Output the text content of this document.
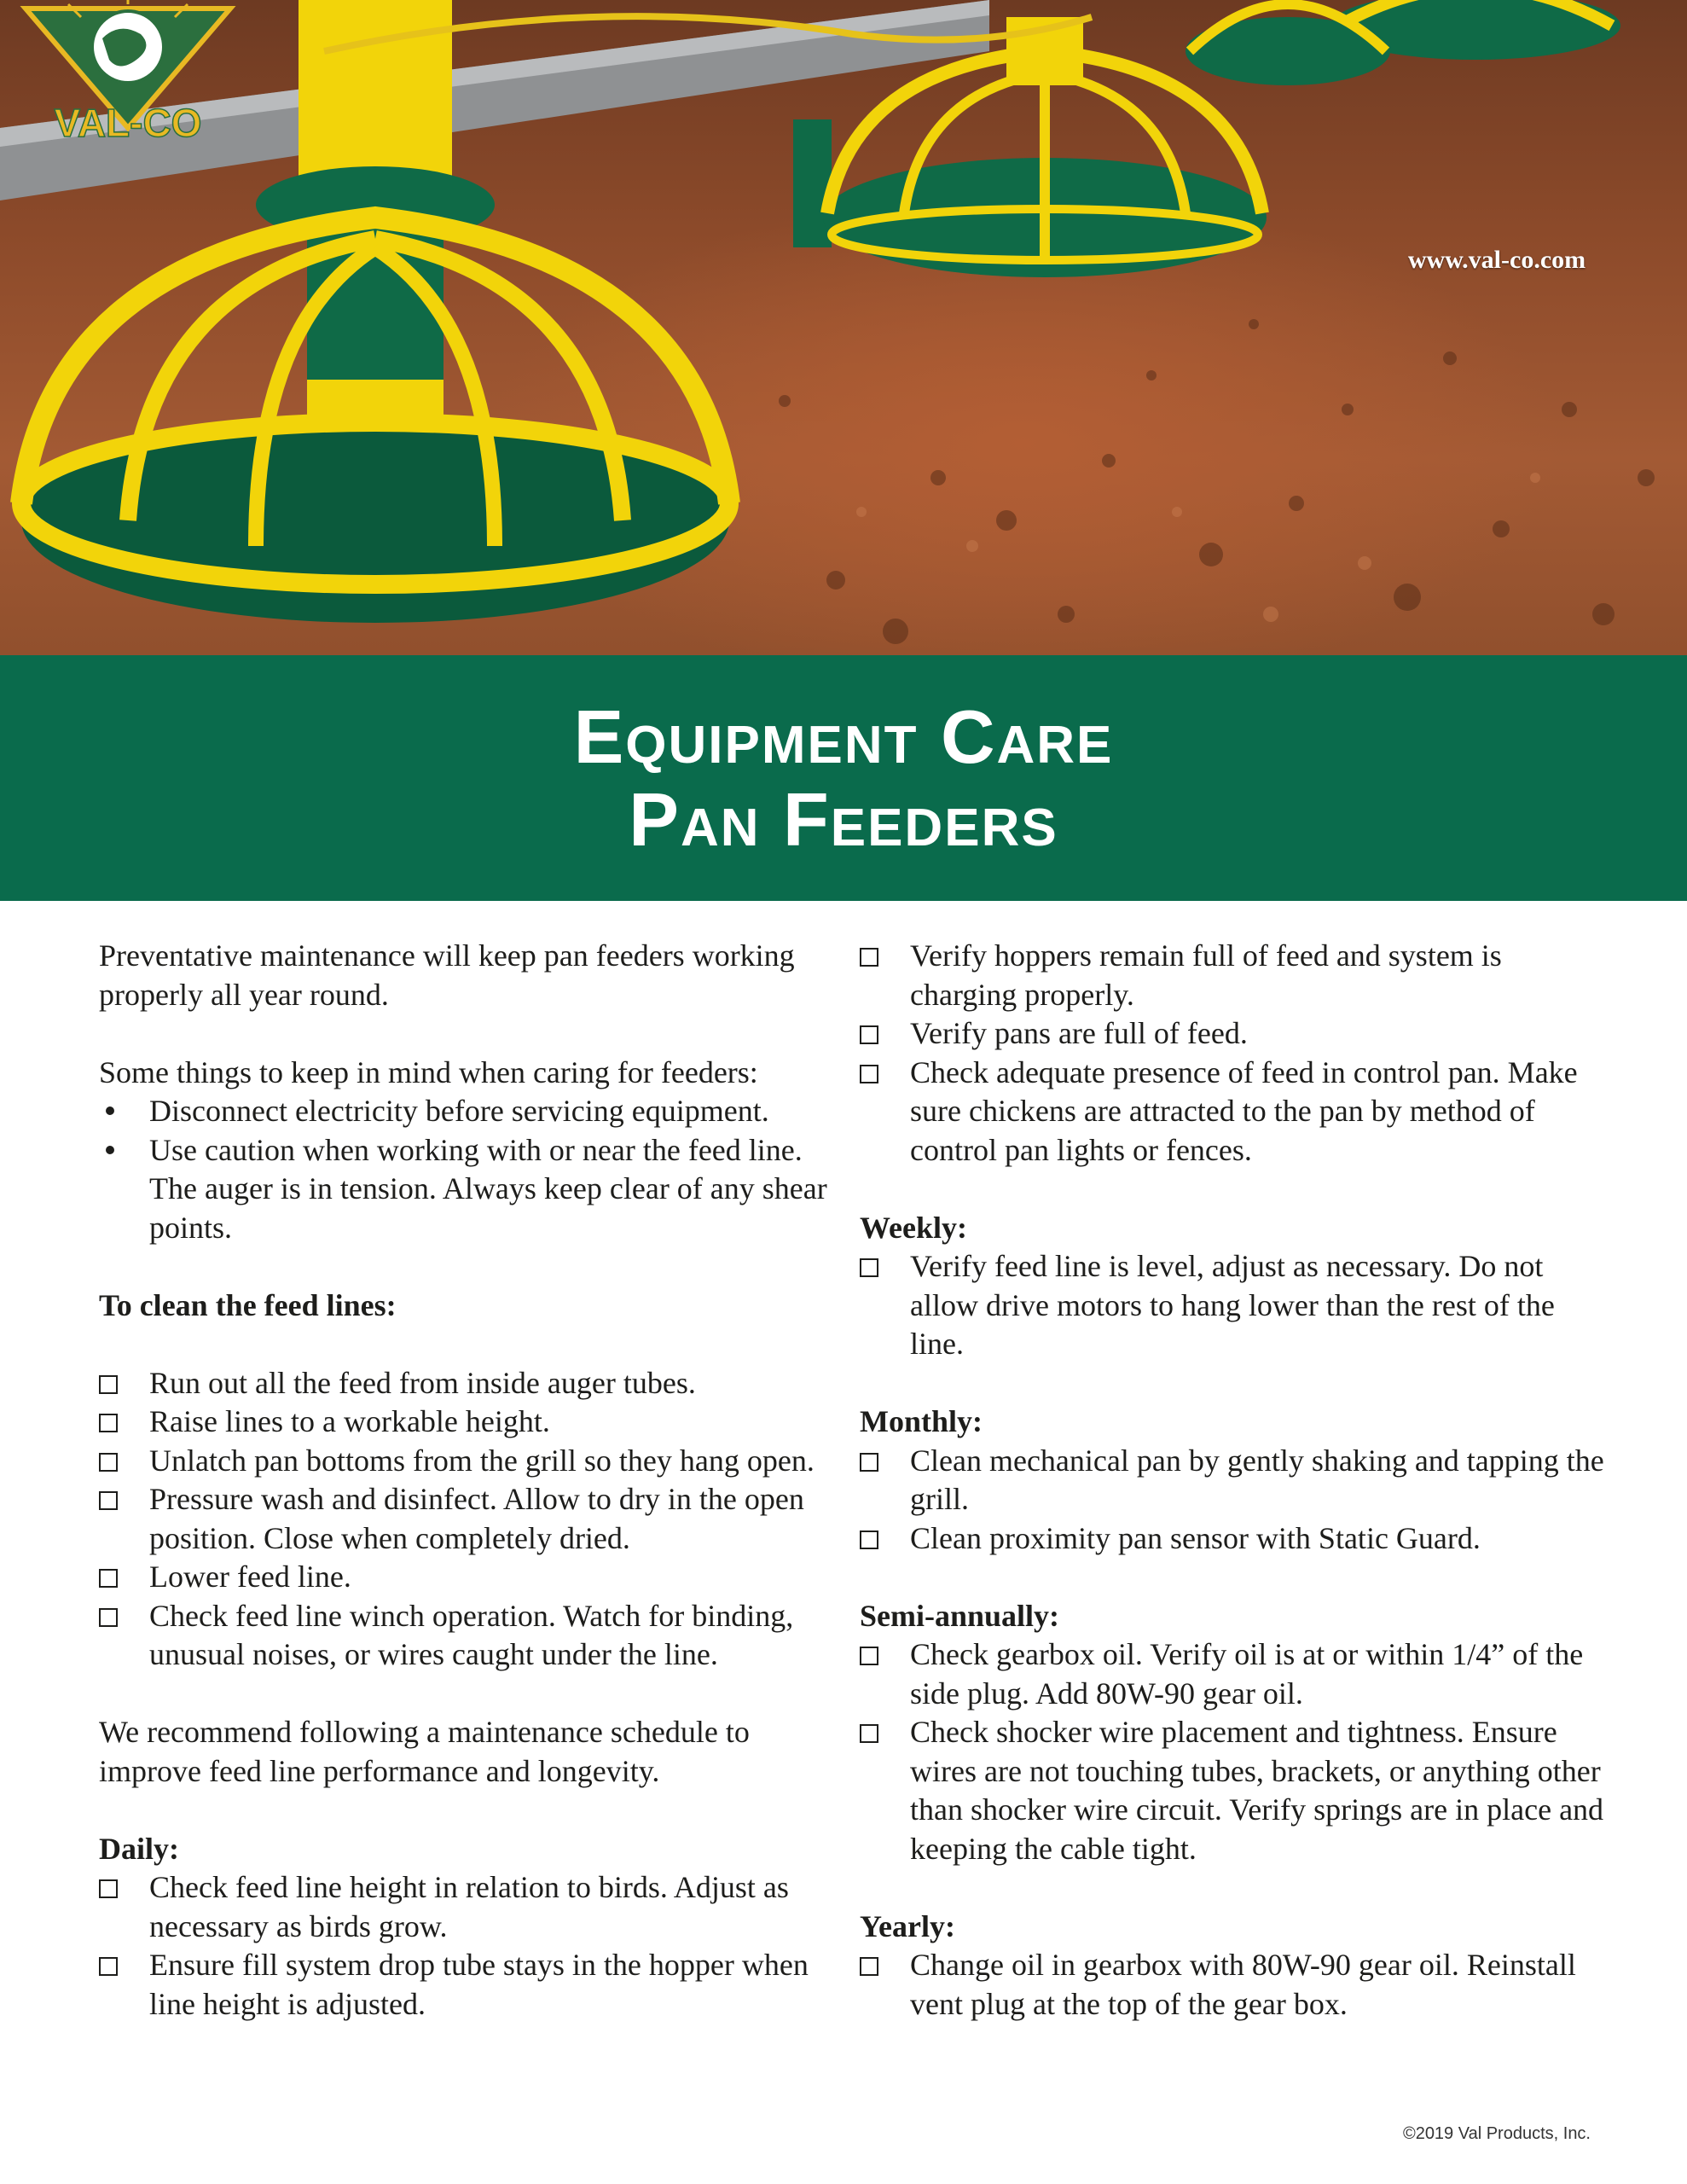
VAL-CO
www.val-co.com
Equipment Care
Pan Feeders

Preventative maintenance will keep pan feeders working properly all year round.

Some things to keep in mind when caring for feeders:

Disconnect electricity before servicing equipment.
Use caution when working with or near the feed line. The auger is in tension. Always keep clear of any shear points.

To clean the feed lines:

Run out all the feed from inside auger tubes.
Raise lines to a workable height.
Unlatch pan bottoms from the grill so they hang open.
Pressure wash and disinfect. Allow to dry in the open position. Close when completely dried.
Lower feed line.
Check feed line winch operation. Watch for binding, unusual noises, or wires caught under the line.

We recommend following a maintenance schedule to improve feed line performance and longevity.

Daily:

Check feed line height in relation to birds. Adjust as necessary as birds grow.
Ensure fill system drop tube stays in the hopper when line height is adjusted.
Verify hoppers remain full of feed and system is charging properly.
Verify pans are full of feed.
Check adequate presence of feed in control pan. Make sure chickens are attracted to the pan by method of control pan lights or fences.

Weekly:

Verify feed line is level, adjust as necessary. Do not allow drive motors to hang lower than the rest of the line.

Monthly:

Clean mechanical pan by gently shaking and tapping the grill.
Clean proximity pan sensor with Static Guard.

Semi-annually:

Check gearbox oil. Verify oil is at or within 1/4” of the side plug. Add 80W-90 gear oil.
Check shocker wire placement and tightness. Ensure wires are not touching tubes, brackets, or anything other than shocker wire circuit. Verify springs are in place and keeping the cable tight.

Yearly:

Change oil in gearbox with 80W-90 gear oil. Reinstall vent plug at the top of the gear box.
©2019 Val Products, Inc.
